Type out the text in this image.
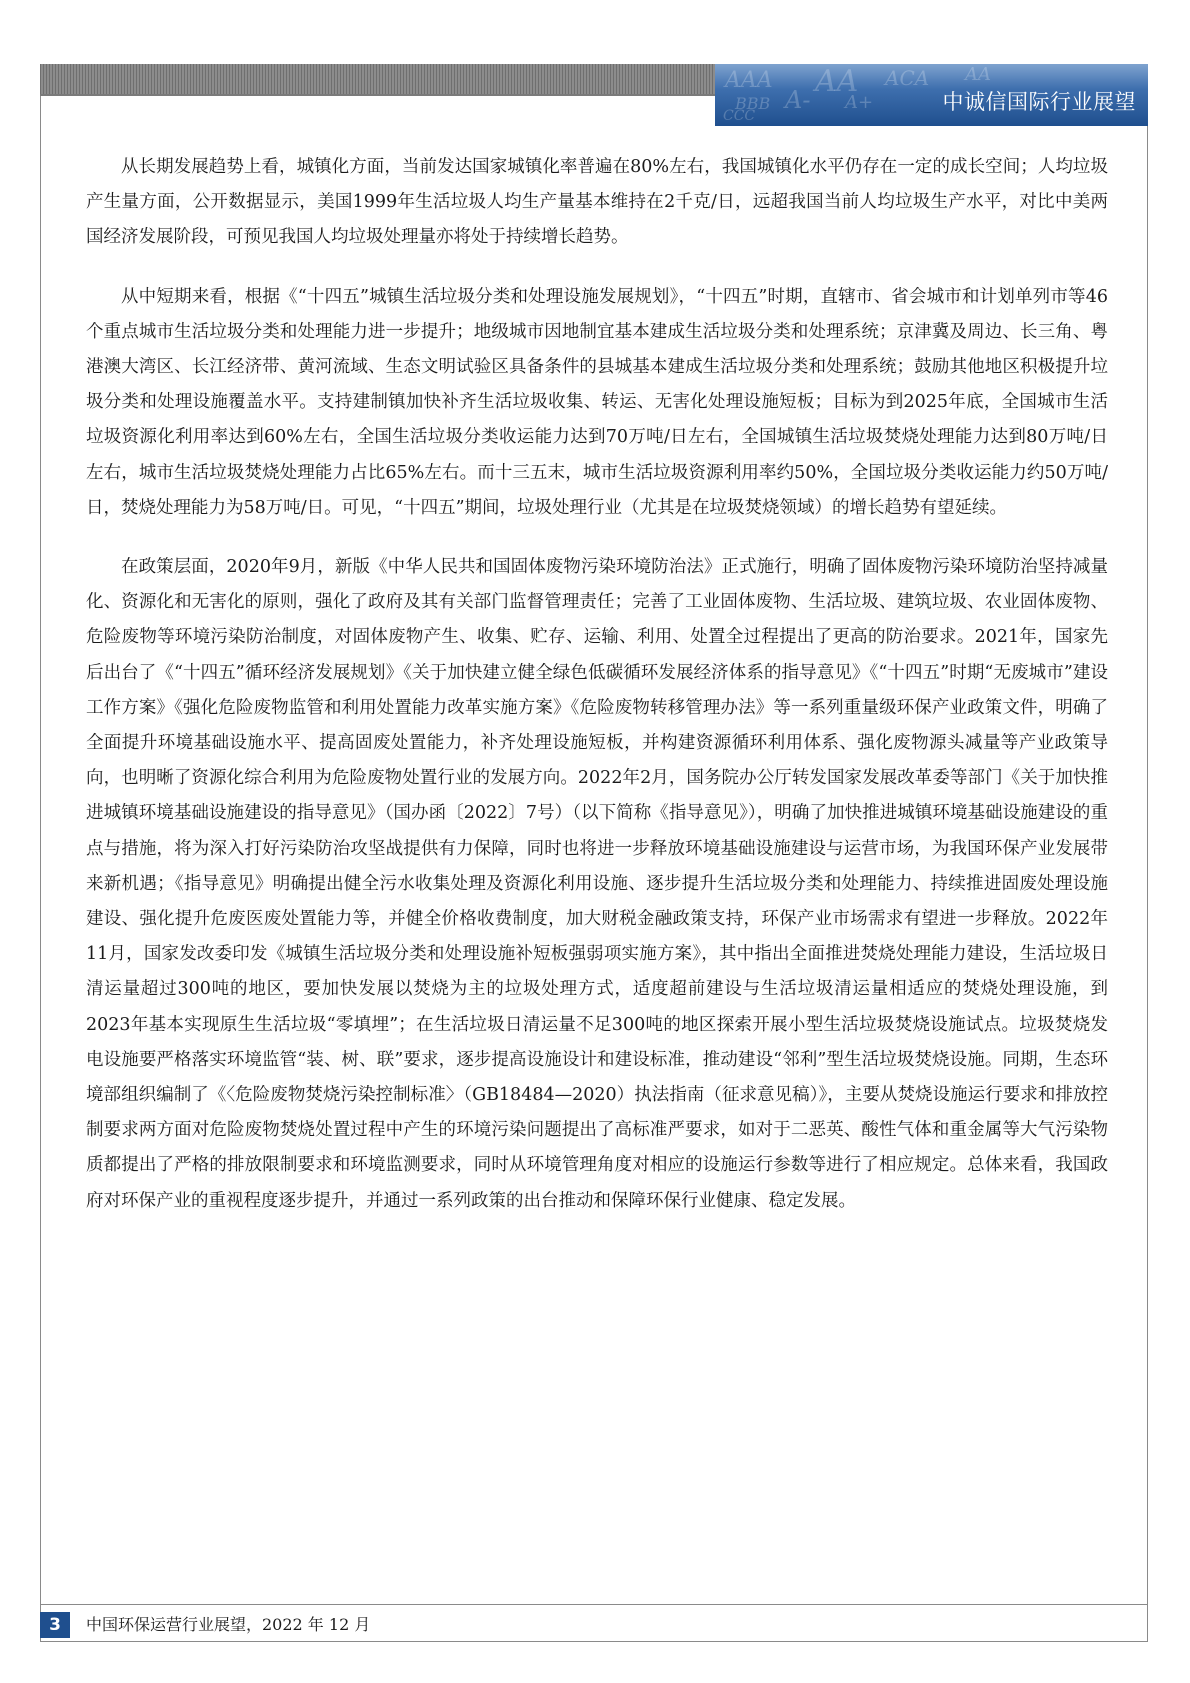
AAA AA ACA
BBB A-
CCC
A+
AA
中诚信国际行业展望

从长期发展趋势上看，城镇化方面，当前发达国家城镇化率普遍在80%左右，我国城镇化水平仍存在一定的成长空间；人均垃圾产生量方面，公开数据显示，美国1999年生活垃圾人均生产量基本维持在2千克/日，远超我国当前人均垃圾生产水平，对比中美两国经济发展阶段，可预见我国人均垃圾处理量亦将处于持续增长趋势。

从中短期来看，根据《“十四五”城镇生活垃圾分类和处理设施发展规划》，“十四五”时期，直辖市、省会城市和计划单列市等46个重点城市生活垃圾分类和处理能力进一步提升；地级城市因地制宜基本建成生活垃圾分类和处理系统；京津冀及周边、长三角、粤港澳大湾区、长江经济带、黄河流域、生态文明试验区具备条件的县城基本建成生活垃圾分类和处理系统；鼓励其他地区积极提升垃圾分类和处理设施覆盖水平。支持建制镇加快补齐生活垃圾收集、转运、无害化处理设施短板；目标为到2025年底，全国城市生活垃圾资源化利用率达到60%左右，全国生活垃圾分类收运能力达到70万吨/日左右，全国城镇生活垃圾焚烧处理能力达到80万吨/日左右，城市生活垃圾焚烧处理能力占比65%左右。而十三五末，城市生活垃圾资源利用率约50%，全国垃圾分类收运能力约50万吨/日，焚烧处理能力为58万吨/日。可见，“十四五”期间，垃圾处理行业（尤其是在垃圾焚烧领域）的增长趋势有望延续。

在政策层面，2020年9月，新版《中华人民共和国固体废物污染环境防治法》正式施行，明确了固体废物污染环境防治坚持减量化、资源化和无害化的原则，强化了政府及其有关部门监督管理责任；完善了工业固体废物、生活垃圾、建筑垃圾、农业固体废物、危险废物等环境污染防治制度，对固体废物产生、收集、贮存、运输、利用、处置全过程提出了更高的防治要求。2021年，国家先后出台了《“十四五”循环经济发展规划》《关于加快建立健全绿色低碳循环发展经济体系的指导意见》《“十四五”时期“无废城市”建设工作方案》《强化危险废物监管和利用处置能力改革实施方案》《危险废物转移管理办法》等一系列重量级环保产业政策文件，明确了全面提升环境基础设施水平、提高固废处置能力，补齐处理设施短板，并构建资源循环利用体系、强化废物源头减量等产业政策导向，也明晰了资源化综合利用为危险废物处置行业的发展方向。2022年2月，国务院办公厅转发国家发展改革委等部门《关于加快推进城镇环境基础设施建设的指导意见》（国办函〔2022〕7号）（以下简称《指导意见》），明确了加快推进城镇环境基础设施建设的重点与措施，将为深入打好污染防治攻坚战提供有力保障，同时也将进一步释放环境基础设施建设与运营市场，为我国环保产业发展带来新机遇；《指导意见》明确提出健全污水收集处理及资源化利用设施、逐步提升生活垃圾分类和处理能力、持续推进固废处理设施建设、强化提升危废医废处置能力等，并健全价格收费制度，加大财税金融政策支持，环保产业市场需求有望进一步释放。2022年11月，国家发改委印发《城镇生活垃圾分类和处理设施补短板强弱项实施方案》，其中指出全面推进焚烧处理能力建设，生活垃圾日清运量超过300吨的地区，要加快发展以焚烧为主的垃圾处理方式，适度超前建设与生活垃圾清运量相适应的焚烧处理设施，到2023年基本实现原生生活垃圾“零填埋”；在生活垃圾日清运量不足300吨的地区探索开展小型生活垃圾焚烧设施试点。垃圾焚烧发电设施要严格落实环境监管“装、树、联”要求，逐步提高设施设计和建设标准，推动建设“邻利”型生活垃圾焚烧设施。同期，生态环境部组织编制了《〈危险废物焚烧污染控制标准〉（GB18484—2020）执法指南（征求意见稿）》，主要从焚烧设施运行要求和排放控制要求两方面对危险废物焚烧处置过程中产生的环境污染问题提出了高标准严要求，如对于二恶英、酸性气体和重金属等大气污染物质都提出了严格的排放限制要求和环境监测要求，同时从环境管理角度对相应的设施运行参数等进行了相应规定。总体来看，我国政府对环保产业的重视程度逐步提升，并通过一系列政策的出台推动和保障环保行业健康、稳定发展。

3	中国环保运营行业展望，2022 年 12 月
